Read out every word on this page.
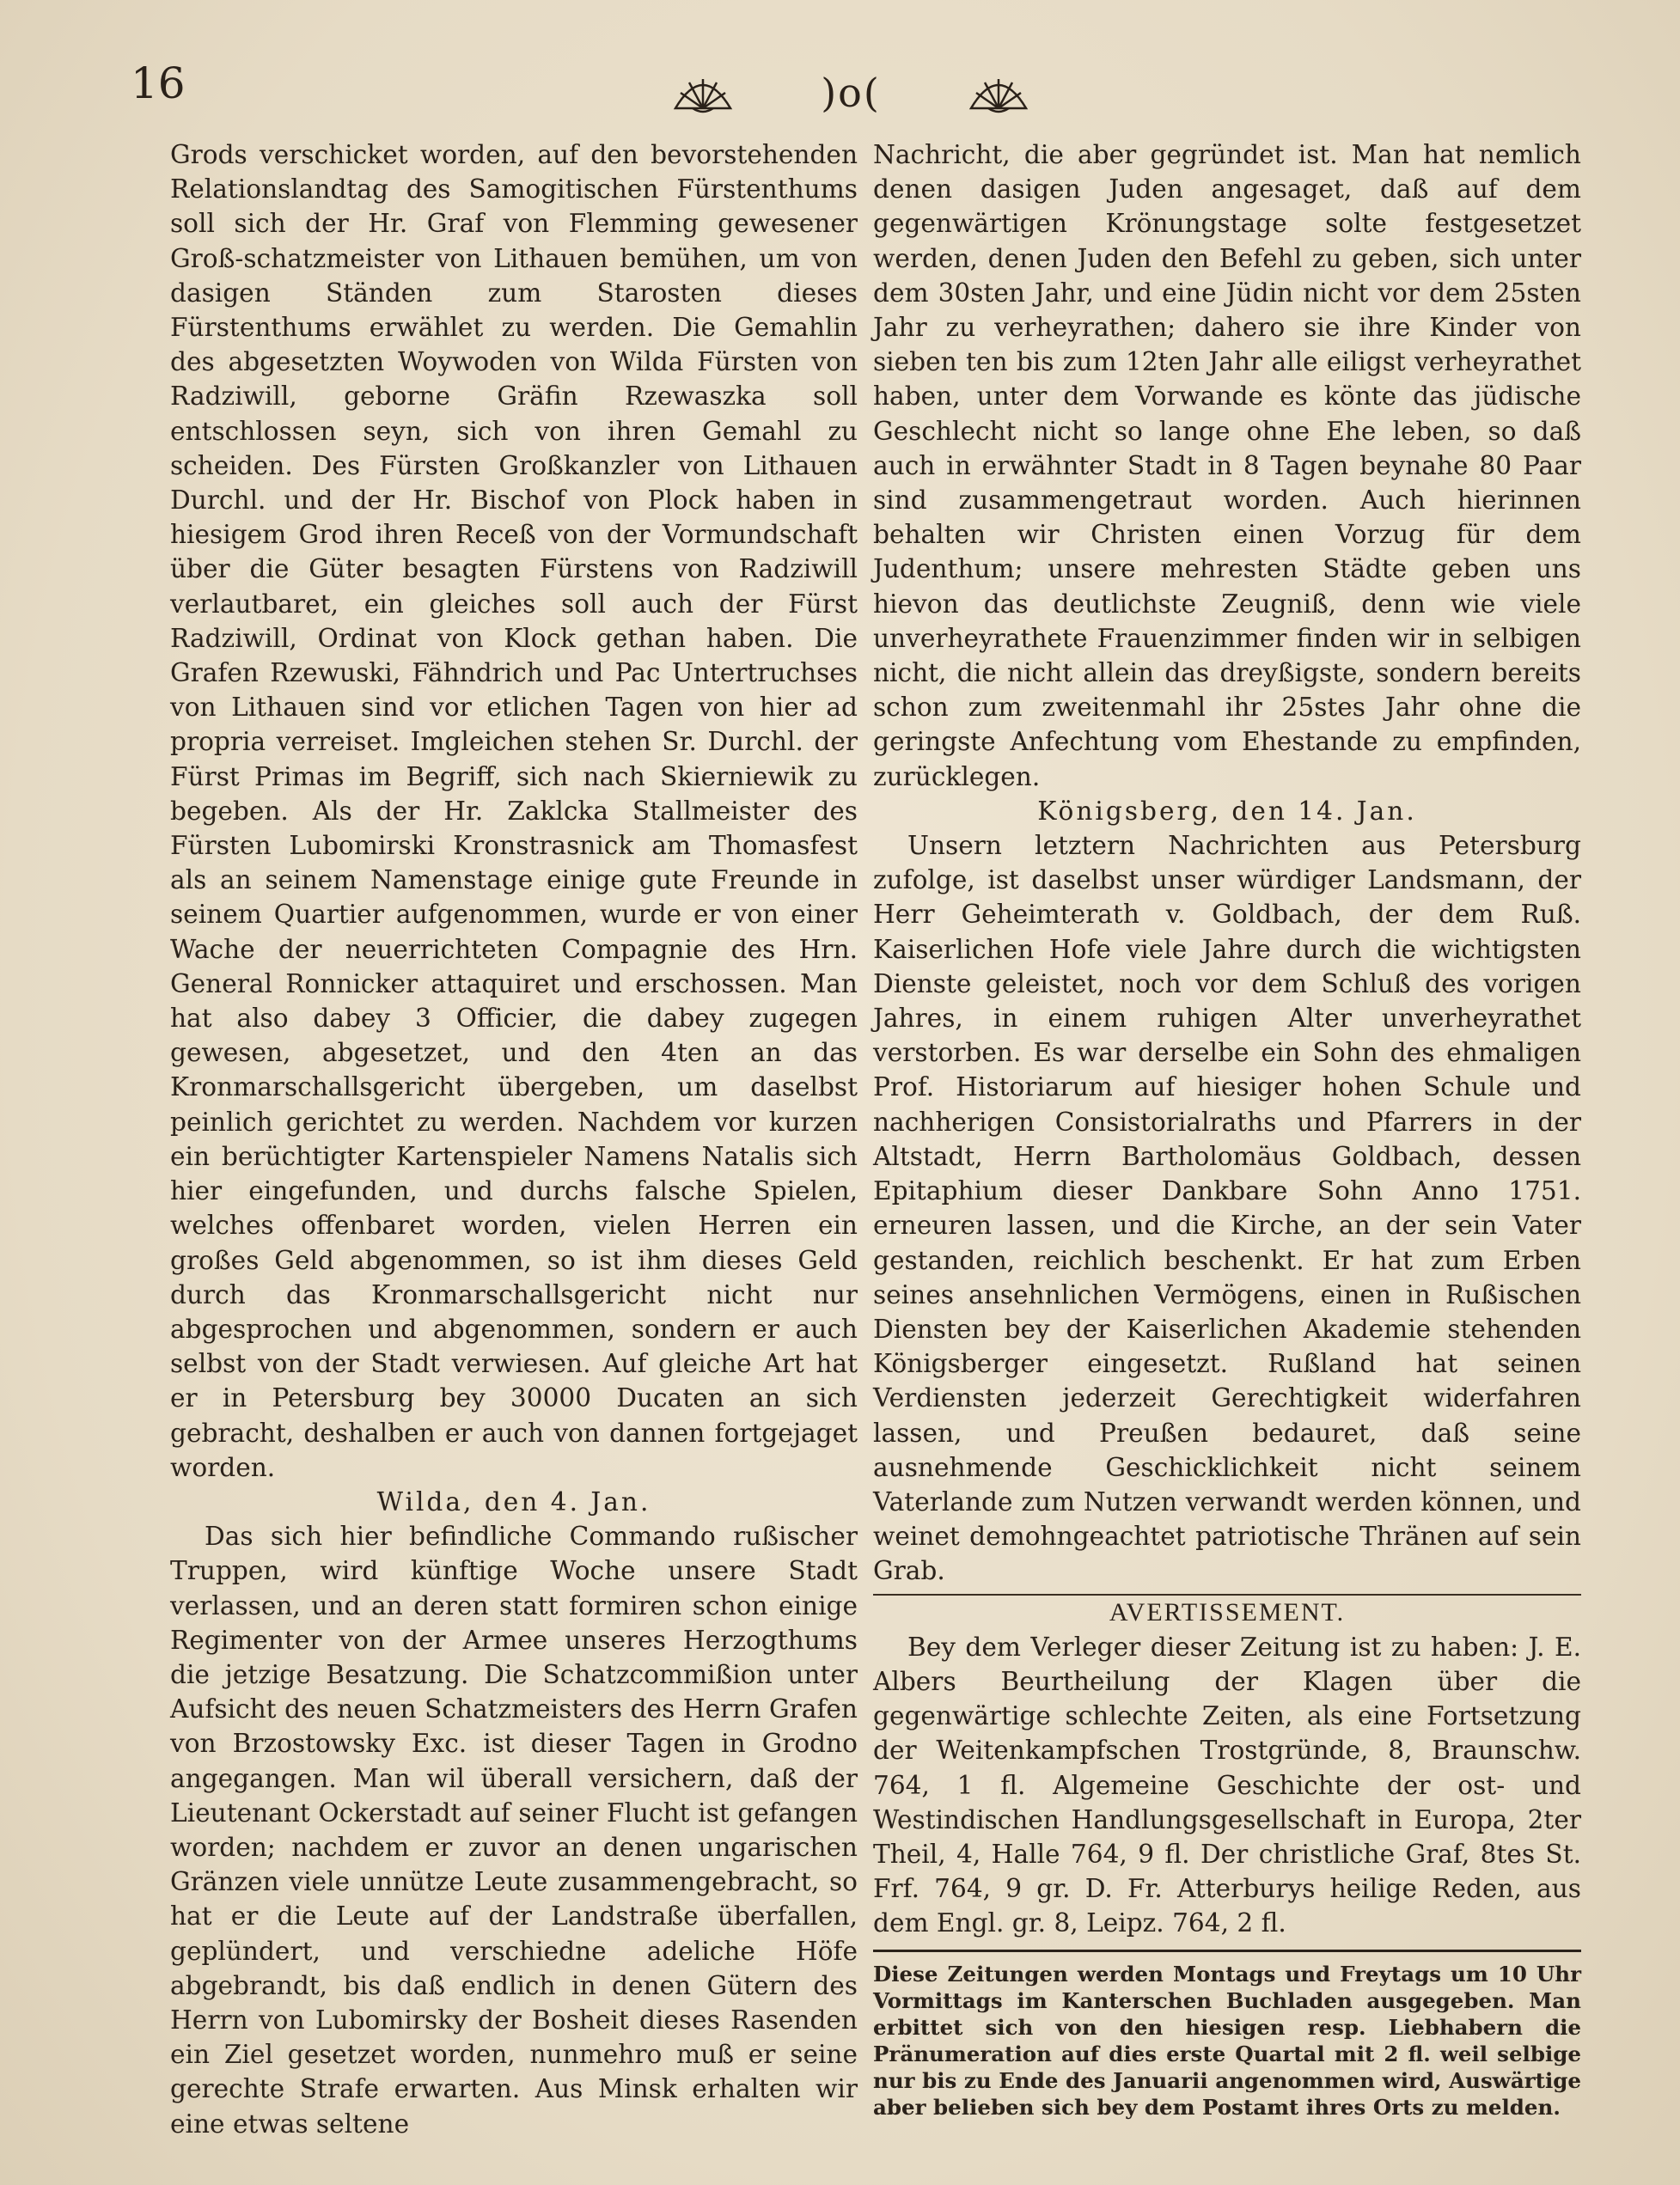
16	)o(

Grods verschicket worden, auf den bevorstehenden Relationslandtag des Samogitischen Fürstenthums soll sich der Hr. Graf von Flemming gewesener Groß-schatzmeister von Lithauen bemühen, um von dasigen Ständen zum Starosten dieses Fürstenthums erwählet zu werden. Die Gemahlin des abgesetzten Woywoden von Wilda Fürsten von Radziwill, geborne Gräfin Rzewaszka soll entschlossen seyn, sich von ihren Gemahl zu scheiden. Des Fürsten Großkanzler von Lithauen Durchl. und der Hr. Bischof von Plock haben in hiesigem Grod ihren Receß von der Vormundschaft über die Güter besagten Fürstens von Radziwill verlautbaret, ein gleiches soll auch der Fürst Radziwill, Ordinat von Klock gethan haben. Die Grafen Rzewuski, Fähndrich und Pac Untertruchses von Lithauen sind vor etlichen Tagen von hier ad propria verreiset. Imgleichen stehen Sr. Durchl. der Fürst Primas im Begriff, sich nach Skierniewik zu begeben. Als der Hr. Zaklcka Stallmeister des Fürsten Lubomirski Kronstrasnick am Thomasfest als an seinem Namenstage einige gute Freunde in seinem Quartier aufgenommen, wurde er von einer Wache der neuerrichteten Compagnie des Hrn. General Ronnicker attaquiret und erschossen. Man hat also dabey 3 Officier, die dabey zugegen gewesen, abgesetzet, und den 4ten an das Kronmarschallsgericht übergeben, um daselbst peinlich gerichtet zu werden. Nachdem vor kurzen ein berüchtigter Kartenspieler Namens Natalis sich hier eingefunden, und durchs falsche Spielen, welches offenbaret worden, vielen Herren ein großes Geld abgenommen, so ist ihm dieses Geld durch das Kronmarschallsgericht nicht nur abgesprochen und abgenommen, sondern er auch selbst von der Stadt verwiesen. Auf gleiche Art hat er in Petersburg bey 30000 Ducaten an sich gebracht, deshalben er auch von dannen fortgejaget worden.

Wilda, den 4. Jan.

Das sich hier befindliche Commando rußischer Truppen, wird künftige Woche unsere Stadt verlassen, und an deren statt formiren schon einige Regimenter von der Armee unseres Herzogthums die jetzige Besatzung. Die Schatzcommißion unter Aufsicht des neuen Schatzmeisters des Herrn Grafen von Brzostowsky Exc. ist dieser Tagen in Grodno angegangen. Man wil überall versichern, daß der Lieutenant Ockerstadt auf seiner Flucht ist gefangen worden; nachdem er zuvor an denen ungarischen Gränzen viele unnütze Leute zusammengebracht, so hat er die Leute auf der Landstraße überfallen, geplündert, und verschiedne adeliche Höfe abgebrandt, bis daß endlich in denen Gütern des Herrn von Lubomirsky der Bosheit dieses Rasenden ein Ziel gesetzet worden, nunmehro muß er seine gerechte Strafe erwarten. Aus Minsk erhalten wir eine etwas seltene

Nachricht, die aber gegründet ist. Man hat nemlich denen dasigen Juden angesaget, daß auf dem gegenwärtigen Krönungstage solte festgesetzet werden, denen Juden den Befehl zu geben, sich unter dem 30sten Jahr, und eine Jüdin nicht vor dem 25sten Jahr zu verheyrathen; dahero sie ihre Kinder von sieben ten bis zum 12ten Jahr alle eiligst verheyrathet haben, unter dem Vorwande es könte das jüdische Geschlecht nicht so lange ohne Ehe leben, so daß auch in erwähnter Stadt in 8 Tagen beynahe 80 Paar sind zusammengetraut worden. Auch hierinnen behalten wir Christen einen Vorzug für dem Judenthum; unsere mehresten Städte geben uns hievon das deutlichste Zeugniß, denn wie viele unverheyrathete Frauenzimmer finden wir in selbigen nicht, die nicht allein das dreyßigste, sondern bereits schon zum zweitenmahl ihr 25stes Jahr ohne die geringste Anfechtung vom Ehestande zu empfinden, zurücklegen.

Königsberg, den 14. Jan.

Unsern letztern Nachrichten aus Petersburg zufolge, ist daselbst unser würdiger Landsmann, der Herr Geheimterath v. Goldbach, der dem Ruß. Kaiserlichen Hofe viele Jahre durch die wichtigsten Dienste geleistet, noch vor dem Schluß des vorigen Jahres, in einem ruhigen Alter unverheyrathet verstorben. Es war derselbe ein Sohn des ehmaligen Prof. Historiarum auf hiesiger hohen Schule und nachherigen Consistorialraths und Pfarrers in der Altstadt, Herrn Bartholomäus Goldbach, dessen Epitaphium dieser Dankbare Sohn Anno 1751. erneuren lassen, und die Kirche, an der sein Vater gestanden, reichlich beschenkt. Er hat zum Erben seines ansehnlichen Vermögens, einen in Rußischen Diensten bey der Kaiserlichen Akademie stehenden Königsberger eingesetzt. Rußland hat seinen Verdiensten jederzeit Gerechtigkeit widerfahren lassen, und Preußen bedauret, daß seine ausnehmende Geschicklichkeit nicht seinem Vaterlande zum Nutzen verwandt werden können, und weinet demohngeachtet patriotische Thränen auf sein Grab.

AVERTISSEMENT.

Bey dem Verleger dieser Zeitung ist zu haben: J. E. Albers Beurtheilung der Klagen über die gegenwärtige schlechte Zeiten, als eine Fortsetzung der Weitenkampfschen Trostgründe, 8, Braunschw. 764, 1 fl. Algemeine Geschichte der ost- und Westindischen Handlungsgesellschaft in Europa, 2ter Theil, 4, Halle 764, 9 fl. Der christliche Graf, 8tes St. Frf. 764, 9 gr. D. Fr. Atterburys heilige Reden, aus dem Engl. gr. 8, Leipz. 764, 2 fl.

Diese Zeitungen werden Montags und Freytags um 10 Uhr Vormittags im Kanterschen Buchladen ausgegeben. Man erbittet sich von den hiesigen resp. Liebhabern die Pränumeration auf dies erste Quartal mit 2 fl. weil selbige nur bis zu Ende des Januarii angenommen wird, Auswärtige aber belieben sich bey dem Postamt ihres Orts zu melden.
